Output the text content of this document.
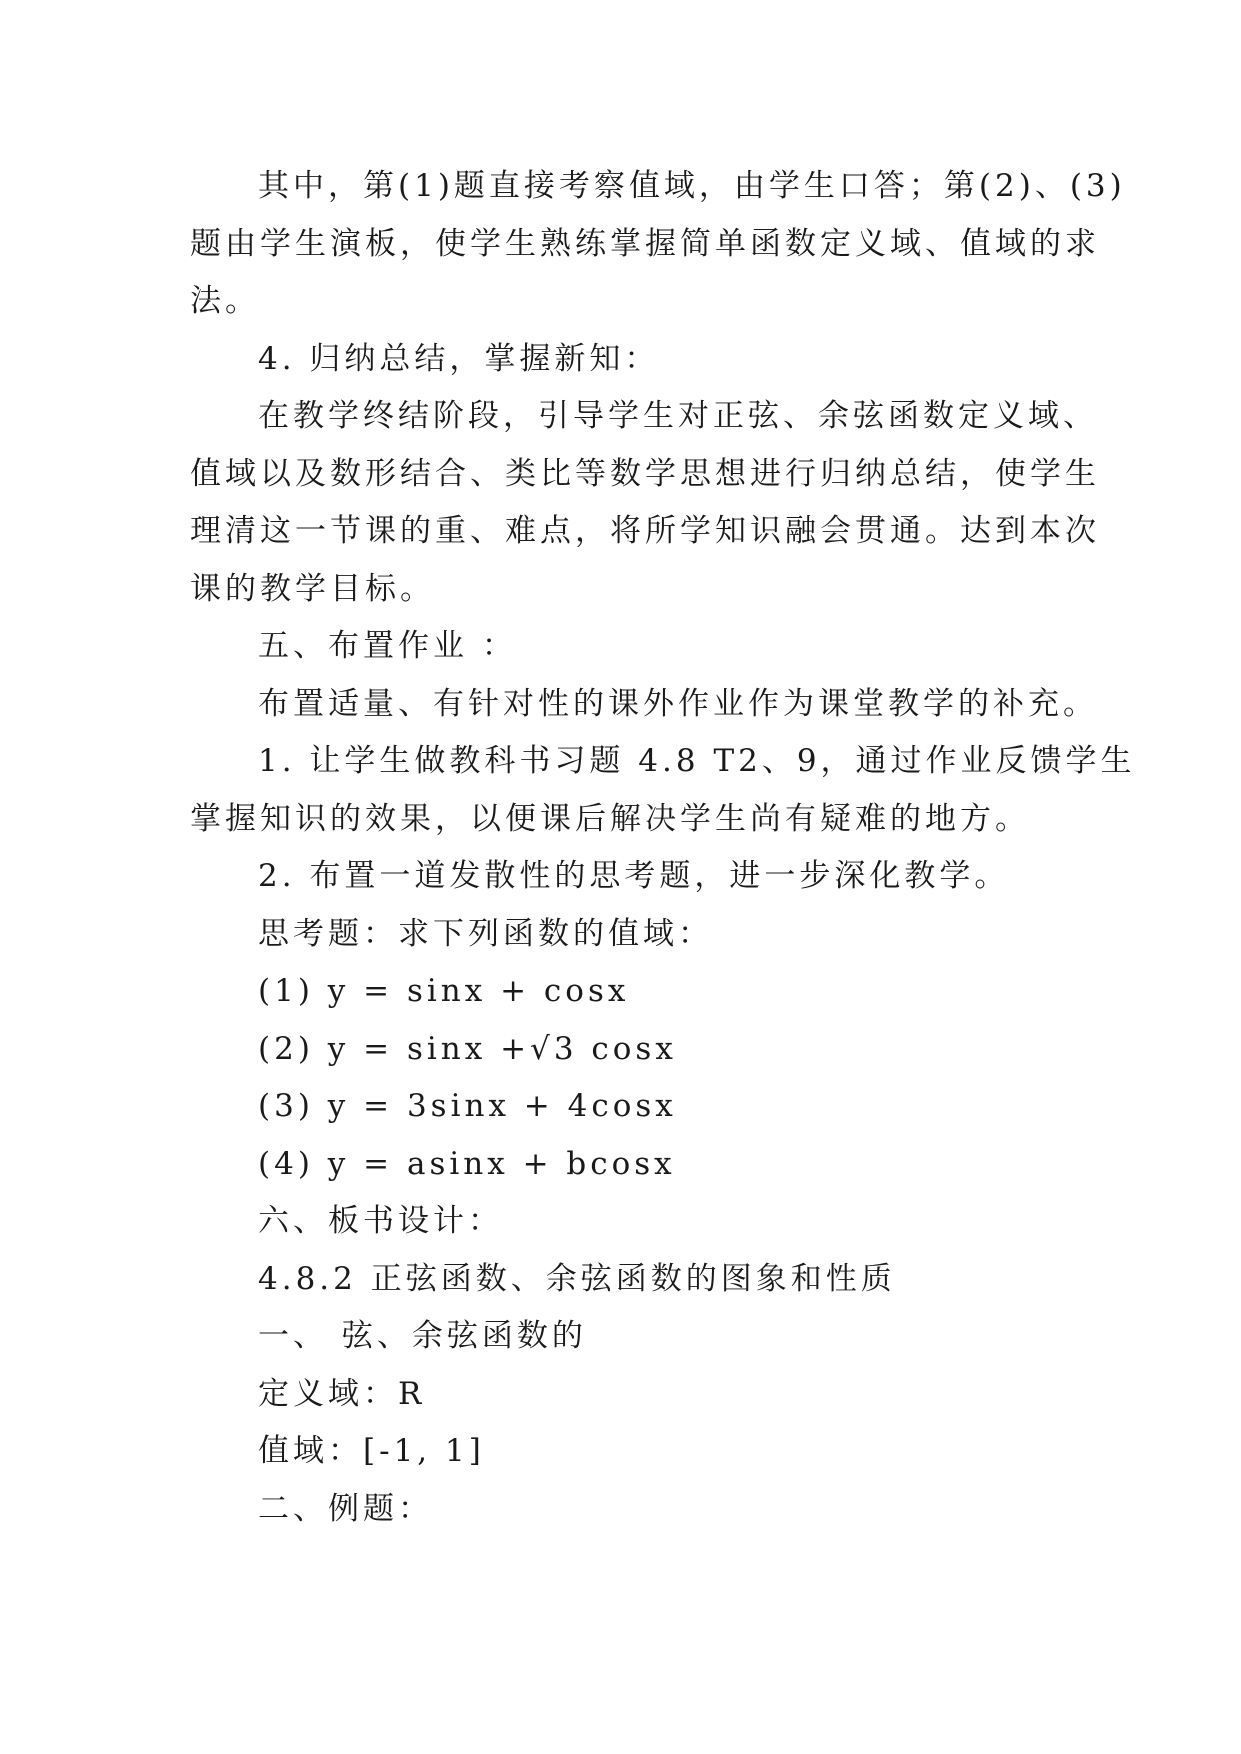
其中，第(1)题直接考察值域，由学生口答；第(2)、(3)
题由学生演板，使学生熟练掌握简单函数定义域、值域的求
法。
4. 归纳总结，掌握新知：
在教学终结阶段，引导学生对正弦、余弦函数定义域、
值域以及数形结合、类比等数学思想进行归纳总结，使学生
理清这一节课的重、难点，将所学知识融会贯通。达到本次
课的教学目标。
五、布置作业 ：
布置适量、有针对性的课外作业作为课堂教学的补充。
1. 让学生做教科书习题 4.8 T2、9，通过作业反馈学生
掌握知识的效果，以便课后解决学生尚有疑难的地方。
2. 布置一道发散性的思考题，进一步深化教学。
思考题：求下列函数的值域：
(1) y = sinx + cosx
(2) y = sinx +√3 cosx
(3) y = 3sinx + 4cosx
(4) y = asinx + bcosx
六、板书设计：
4.8.2 正弦函数、余弦函数的图象和性质
一、 弦、余弦函数的
定义域：R
值域：[-1, 1]
二、例题：
